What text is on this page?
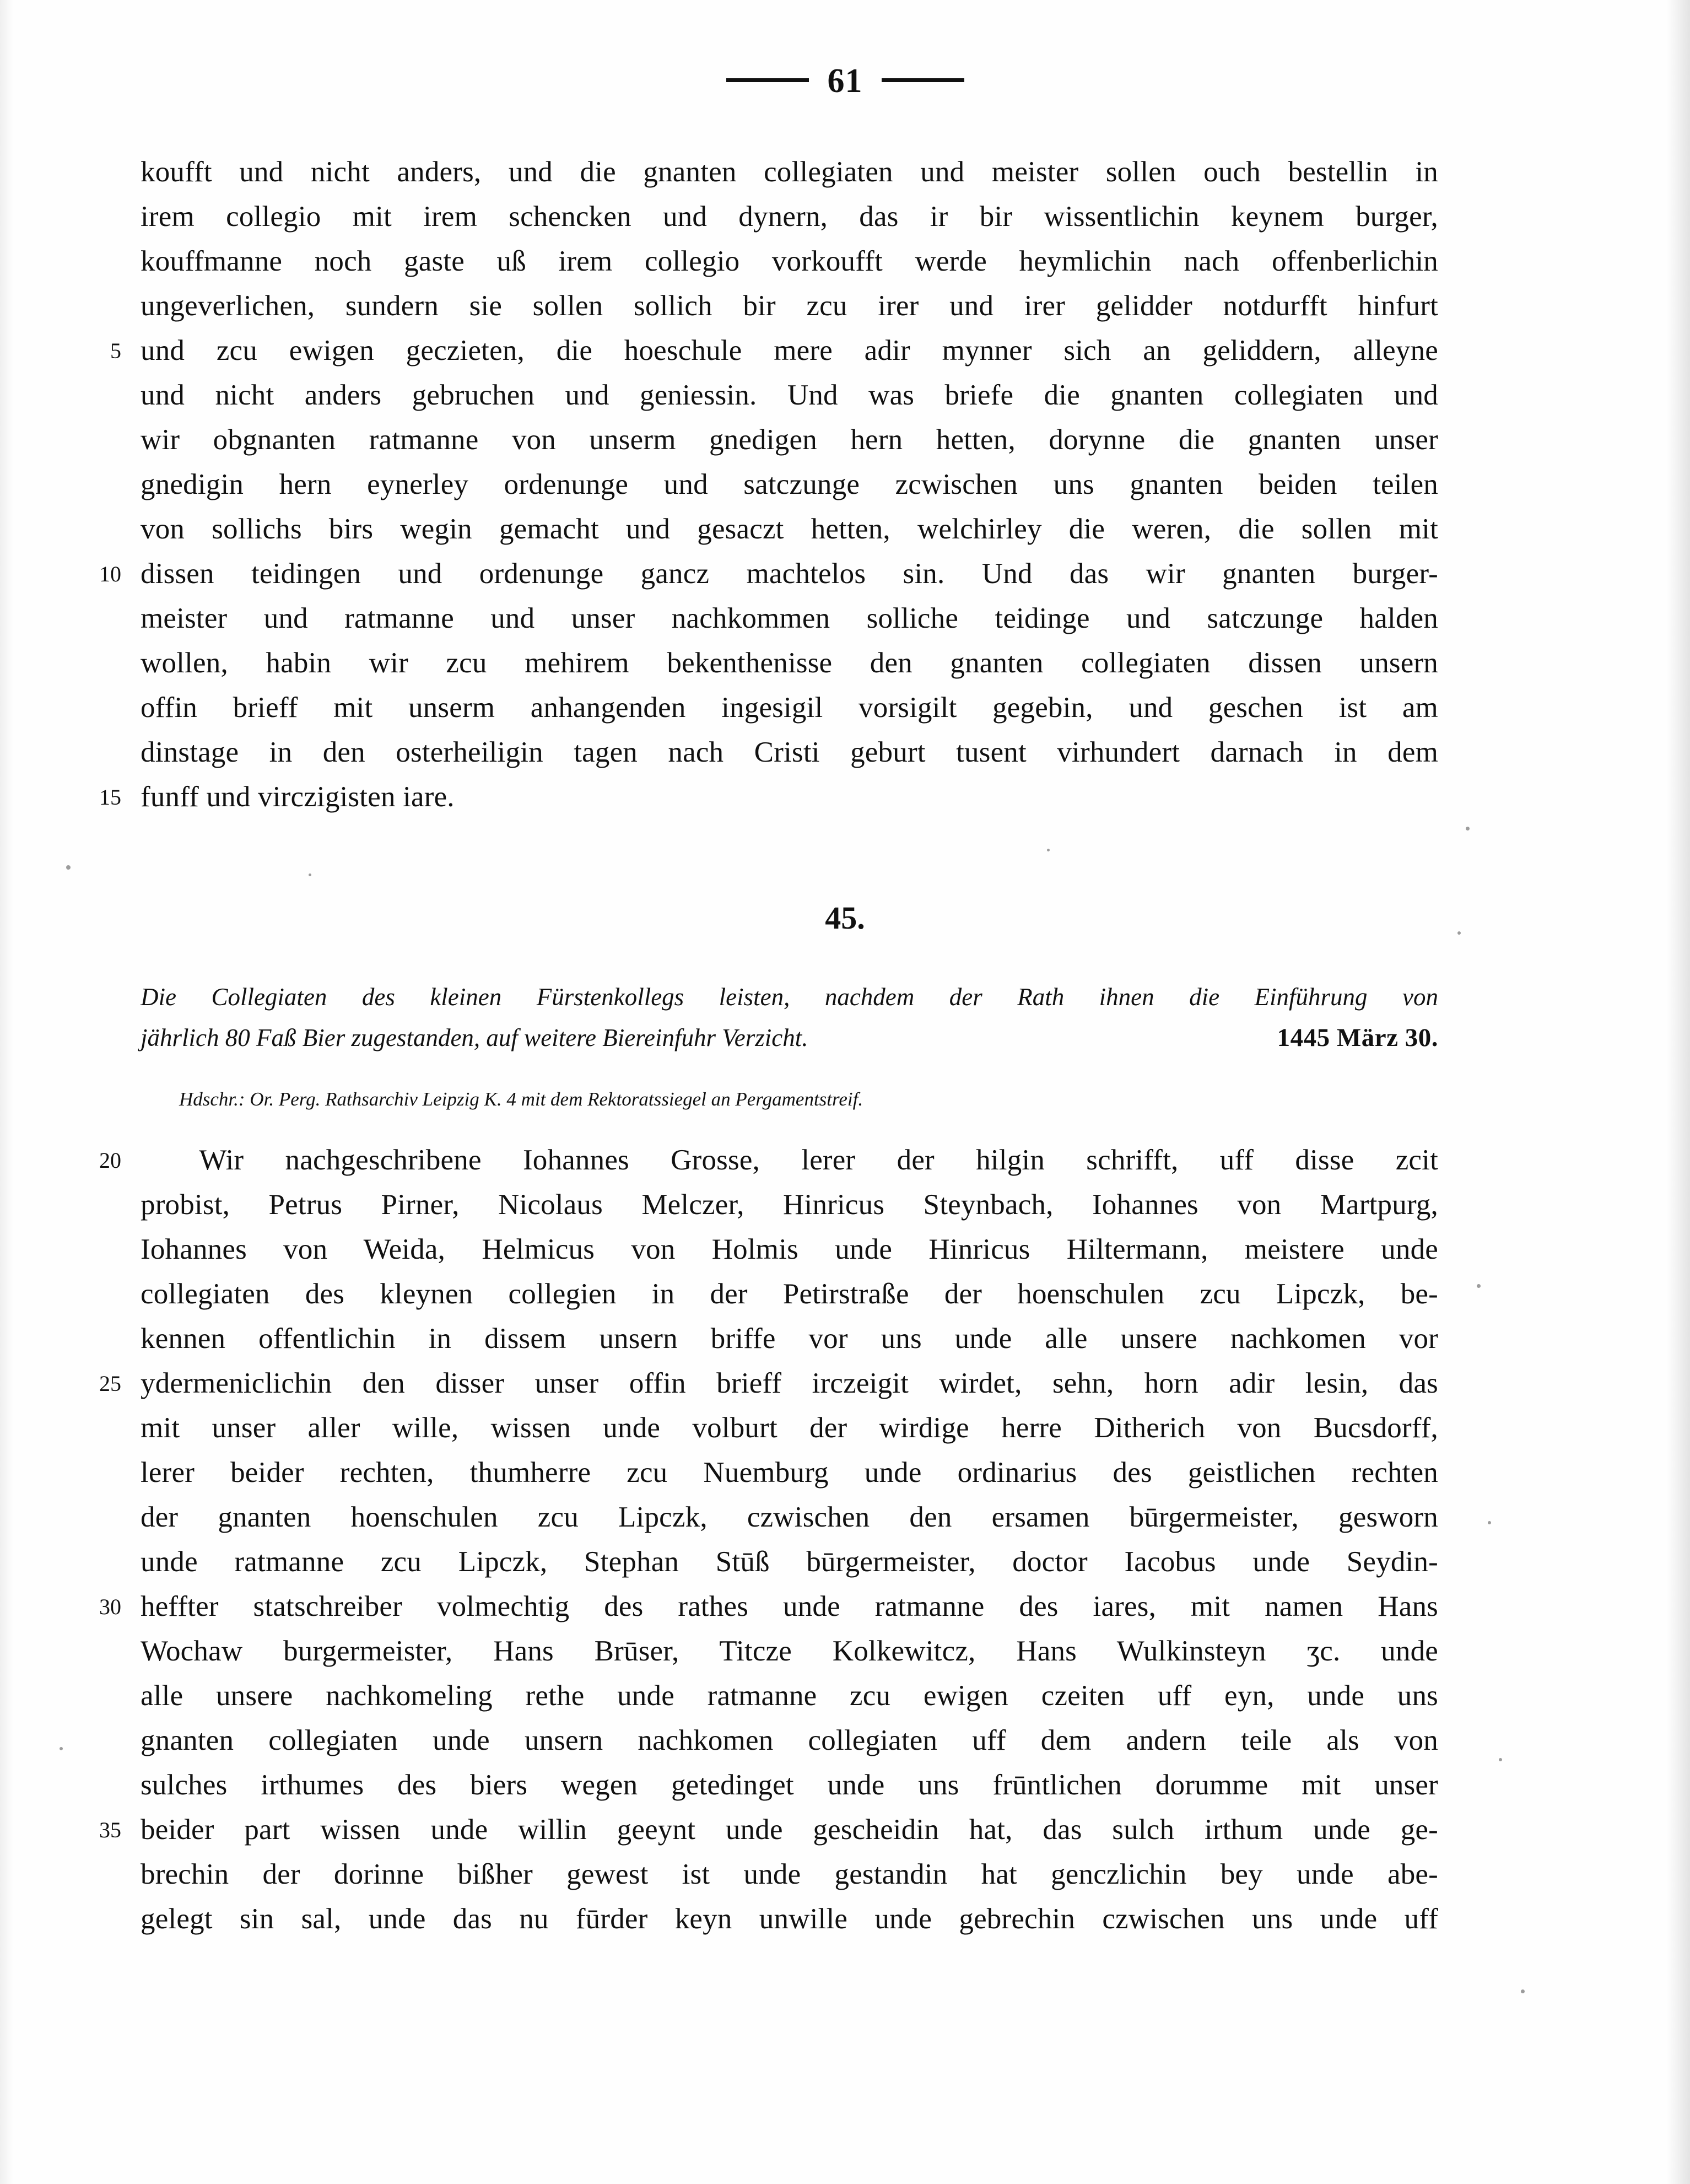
61
koufft und nicht anders, und die gnanten collegiaten und meister sollen ouch bestellin in
irem collegio mit irem schencken und dynern, das ir bir wissentlichin keynem burger,
kouffmanne noch gaste uß irem collegio vorkoufft werde heymlichin nach offenberlichin
ungeverlichen, sundern sie sollen sollich bir zcu irer und irer gelidder notdurfft hinfurt
5 und zcu ewigen geczieten, die hoeschule mere adir mynner sich an geliddern, alleyne
und nicht anders gebruchen und geniessin. Und was briefe die gnanten collegiaten und
wir obgnanten ratmanne von unserm gnedigen hern hetten, dorynne die gnanten unser
gnedigin hern eynerley ordenunge und satczunge zcwischen uns gnanten beiden teilen
von sollichs birs wegin gemacht und gesaczt hetten, welchirley die weren, die sollen mit
10 dissen teidingen und ordenunge gancz machtelos sin. Und das wir gnanten burger-
meister und ratmanne und unser nachkommen solliche teidinge und satczunge halden
wollen, habin wir zcu mehirem bekenthenisse den gnanten collegiaten dissen unsern
offin brieff mit unserm anhangenden ingesigil vorsigilt gegebin, und geschen ist am
dinstage in den osterheiligin tagen nach Cristi geburt tusent virhundert darnach in dem
15 funff und virczigisten iare.
45.
Die Collegiaten des kleinen Fürstenkollegs leisten, nachdem der Rath ihnen die Einführung von
1445 März 30.
jährlich 80 Faß Bier zugestanden, auf weitere Biereinfuhr Verzicht.
Hdschr.: Or. Perg. Rathsarchiv Leipzig K. 4 mit dem Rektoratssiegel an Pergamentstreif.
20   Wir nachgeschribene Iohannes Grosse, lerer der hilgin schrifft, uff disse zcit
probist, Petrus Pirner, Nicolaus Melczer, Hinricus Steynbach, Iohannes von Martpurg,
Iohannes von Weida, Helmicus von Holmis unde Hinricus Hiltermann, meistere unde
collegiaten des kleynen collegien in der Petirstraße der hoenschulen zcu Lipczk, be-
kennen offentlichin in dissem unsern briffe vor uns unde alle unsere nachkomen vor
25 ydermeniclichin den disser unser offin brieff irczeigit wirdet, sehn, horn adir lesin, das
mit unser aller wille, wissen unde volburt der wirdige herre Ditherich von Bucsdorff,
lerer beider rechten, thumherre zcu Nuemburg unde ordinarius des geistlichen rechten
der gnanten hoenschulen zcu Lipczk, czwischen den ersamen būrgermeister, gesworn
unde ratmanne zcu Lipczk, Stephan Stūß būrgermeister, doctor Iacobus unde Seydin-
30 heffter statschreiber volmechtig des rathes unde ratmanne des iares, mit namen Hans
Wochaw burgermeister, Hans Brūser, Titcze Kolkewitcz, Hans Wulkinsteyn ʒc. unde
alle unsere nachkomeling rethe unde ratmanne zcu ewigen czeiten uff eyn, unde uns
gnanten collegiaten unde unsern nachkomen collegiaten uff dem andern teile als von
sulches irthumes des biers wegen getedinget unde uns frūntlichen dorumme mit unser
35 beider part wissen unde willin geeynt unde gescheidin hat, das sulch irthum unde ge-
brechin der dorinne bißher gewest ist unde gestandin hat genczlichin bey unde abe-
gelegt sin sal, unde das nu fūrder keyn unwille unde gebrechin czwischen uns unde uff
